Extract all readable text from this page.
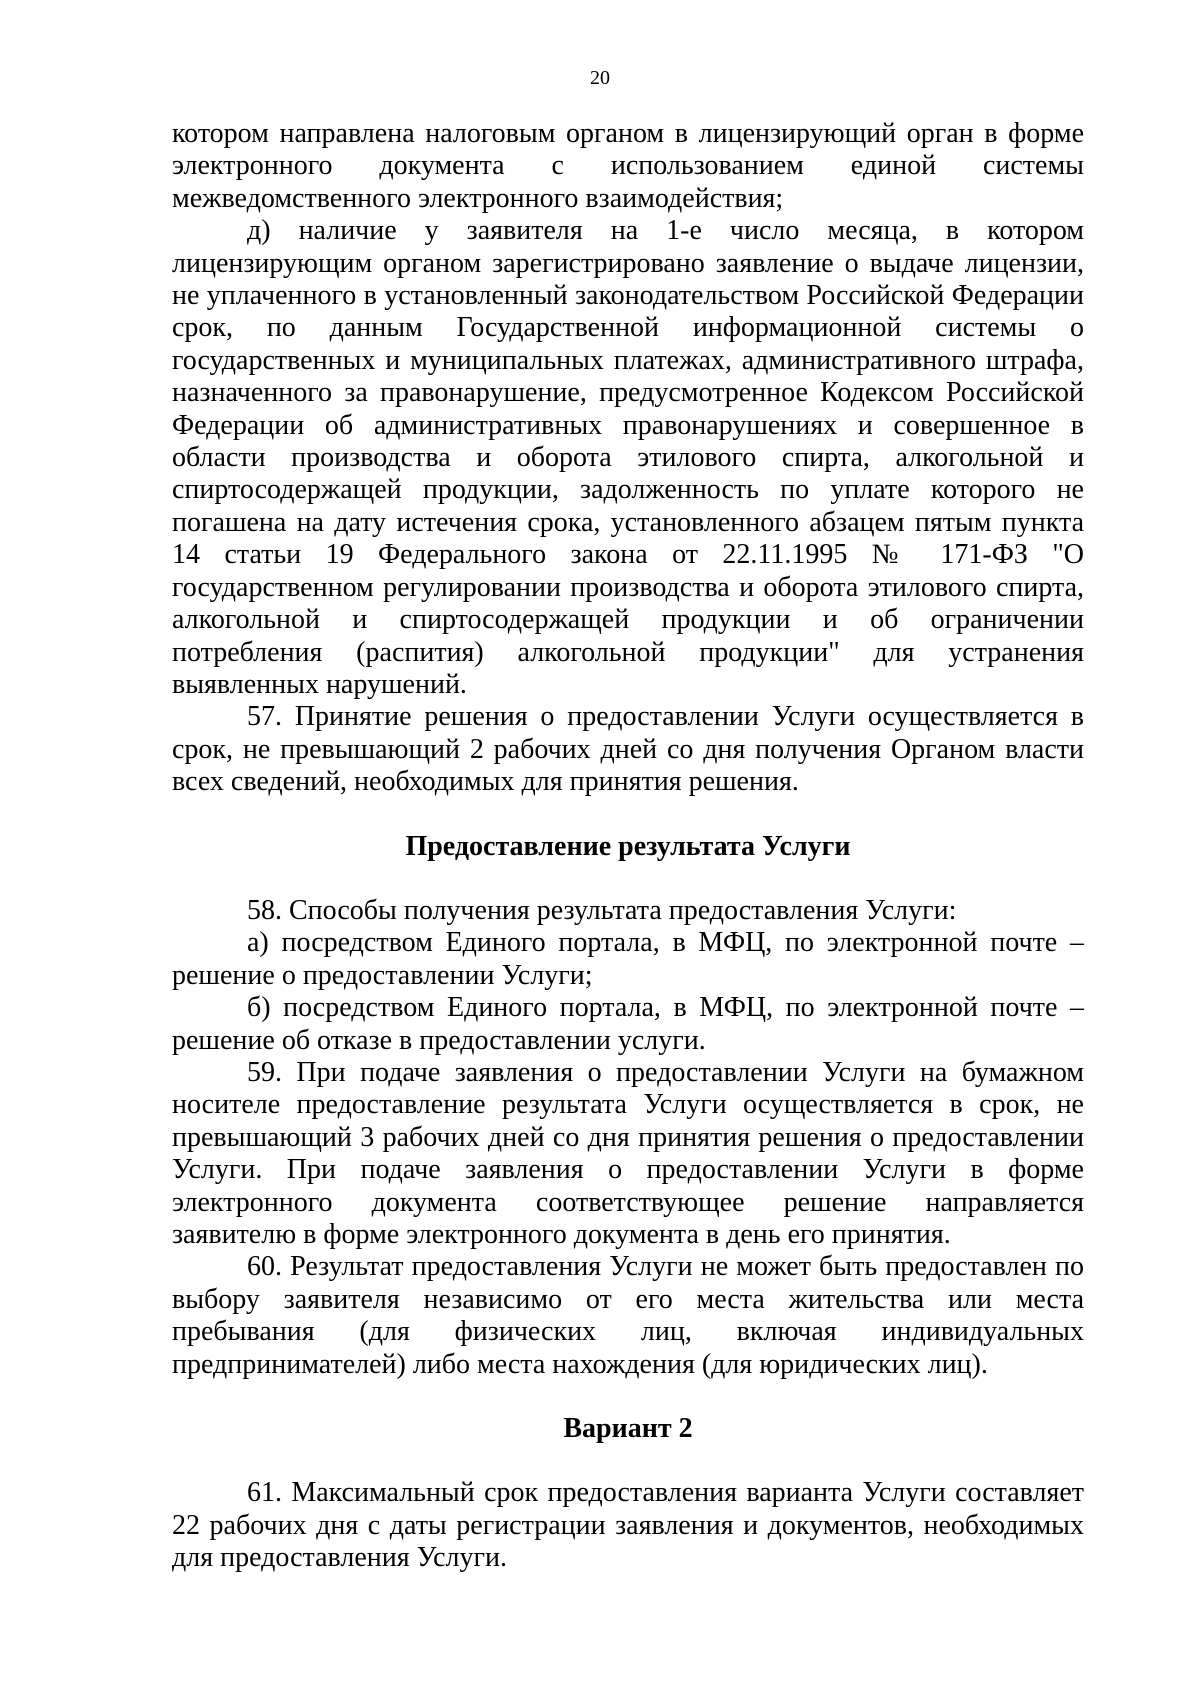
20

котором направлена налоговым органом в лицензирующий орган в форме электронного документа с использованием единой системы межведомственного электронного взаимодействия;

д) наличие у заявителя на 1-е число месяца, в котором лицензирующим органом зарегистрировано заявление о выдаче лицензии, не уплаченного в установленный законодательством Российской Федерации срок, по данным Государственной информационной системы о государственных и муниципальных платежах, административного штрафа, назначенного за правонарушение, предусмотренное Кодексом Российской Федерации об административных правонарушениях и совершенное в области производства и оборота этилового спирта, алкогольной и спиртосодержащей продукции, задолженность по уплате которого не погашена на дату истечения срока, установленного абзацем пятым пункта 14 статьи 19 Федерального закона от 22.11.1995 № 171-ФЗ "О государственном регулировании производства и оборота этилового спирта, алкогольной и спиртосодержащей продукции и об ограничении потребления (распития) алкогольной продукции" для устранения выявленных нарушений.

57. Принятие решения о предоставлении Услуги осуществляется в срок, не превышающий 2 рабочих дней со дня получения Органом власти всех сведений, необходимых для принятия решения.

Предоставление результата Услуги

58. Способы получения результата предоставления Услуги:

а) посредством Единого портала, в МФЦ, по электронной почте – решение о предоставлении Услуги;

б) посредством Единого портала, в МФЦ, по электронной почте – решение об отказе в предоставлении услуги.

59. При подаче заявления о предоставлении Услуги на бумажном носителе предоставление результата Услуги осуществляется в срок, не превышающий 3 рабочих дней со дня принятия решения о предоставлении Услуги. При подаче заявления о предоставлении Услуги в форме электронного документа соответствующее решение направляется заявителю в форме электронного документа в день его принятия.

60. Результат предоставления Услуги не может быть предоставлен по выбору заявителя независимо от его места жительства или места пребывания (для физических лиц, включая индивидуальных предпринимателей) либо места нахождения (для юридических лиц).

Вариант 2

61. Максимальный срок предоставления варианта Услуги составляет 22 рабочих дня с даты регистрации заявления и документов, необходимых для предоставления Услуги.
